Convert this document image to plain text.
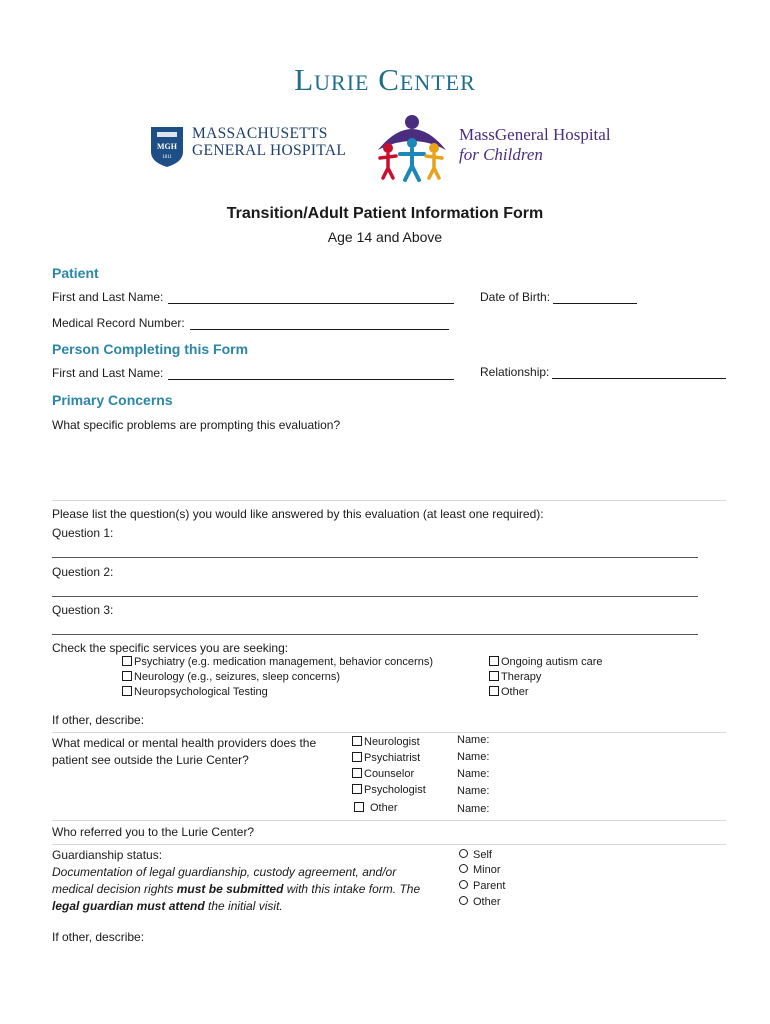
Lurie Center
MGH
1811
MASSACHUSETTS
GENERAL HOSPITAL
MassGeneral Hospital
for Children
Transition/Adult Patient Information Form
Age 14 and Above
Patient
First and Last Name:	Date of Birth:
Medical Record Number:
Person Completing this Form
First and Last Name:	Relationship:
Primary Concerns
What specific problems are prompting this evaluation?
Please list the question(s) you would like answered by this evaluation (at least one required):
Question 1:
Question 2:
Question 3:
Check the specific services you are seeking:
Psychiatry (e.g. medication management, behavior concerns)
Neurology (e.g., seizures, sleep concerns)
Neuropsychological Testing
Ongoing autism care
Therapy
Other
If other, describe:
What medical or mental health providers does the
patient see outside the Lurie Center?
Neurologist
Psychiatrist
Counselor
Psychologist
Other
Name:
Name:
Name:
Name:
Name:
Who referred you to the Lurie Center?
Guardianship status:
Documentation of legal guardianship, custody agreement, and/or
medical decision rights must be submitted with this intake form. The
legal guardian must attend the initial visit.
Self
Minor
Parent
Other
If other, describe:
